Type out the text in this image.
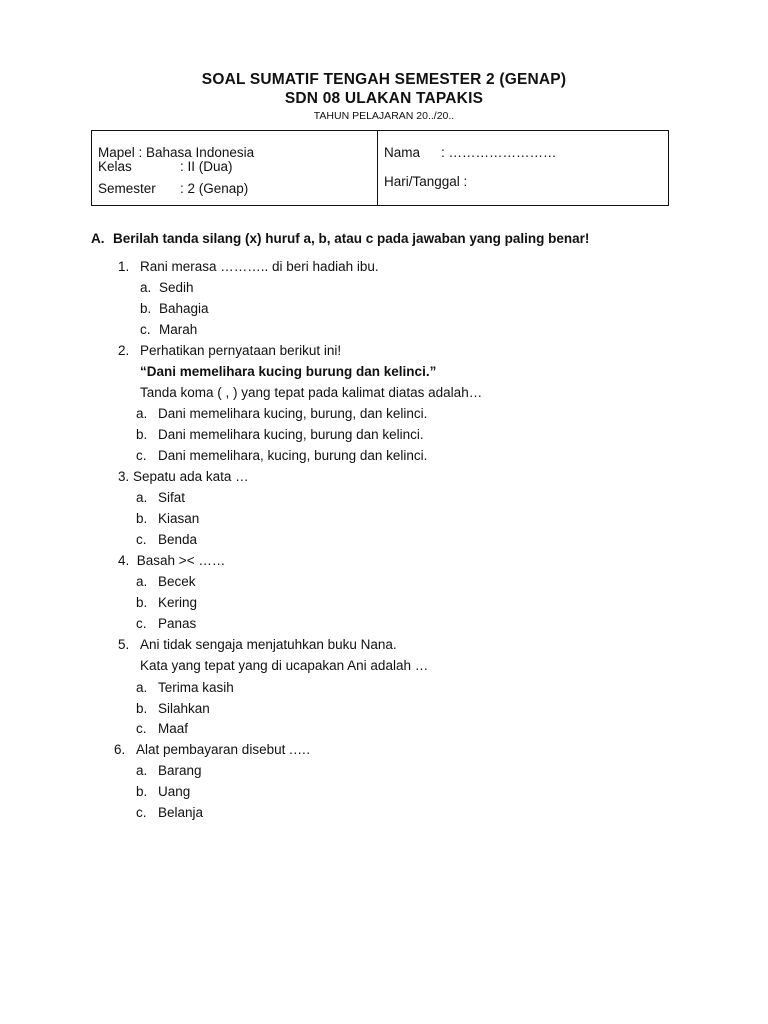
SOAL SUMATIF TENGAH SEMESTER 2 (GENAP)
SDN 08 ULAKAN TAPAKIS
TAHUN PELAJARAN 20../20..
Mapel : Bahasa Indonesia
Kelas	: II (Dua)
Semester : 2 (Genap)
Nama : ……………………
Hari/Tanggal :
A. Berilah tanda silang (x) huruf a, b, atau c pada jawaban yang paling benar!
1. Rani merasa ……….. di beri hadiah ibu.
a. Sedih
b. Bahagia
c. Marah
2. Perhatikan pernyataan berikut ini!
“Dani memelihara kucing burung dan kelinci.”
Tanda koma ( , ) yang tepat pada kalimat diatas adalah…
a. Dani memelihara kucing, burung, dan kelinci.
b. Dani memelihara kucing, burung dan kelinci.
c. Dani memelihara, kucing, burung dan kelinci.
3. Sepatu ada kata …
a. Sifat
b. Kiasan
c. Benda
4. Basah >< ……
a. Becek
b. Kering
c. Panas
5. Ani tidak sengaja menjatuhkan buku Nana.
Kata yang tepat yang di ucapakan Ani adalah …
a. Terima kasih
b. Silahkan
c. Maaf
6. Alat pembayaran disebut .….
a. Barang
b. Uang
c. Belanja
